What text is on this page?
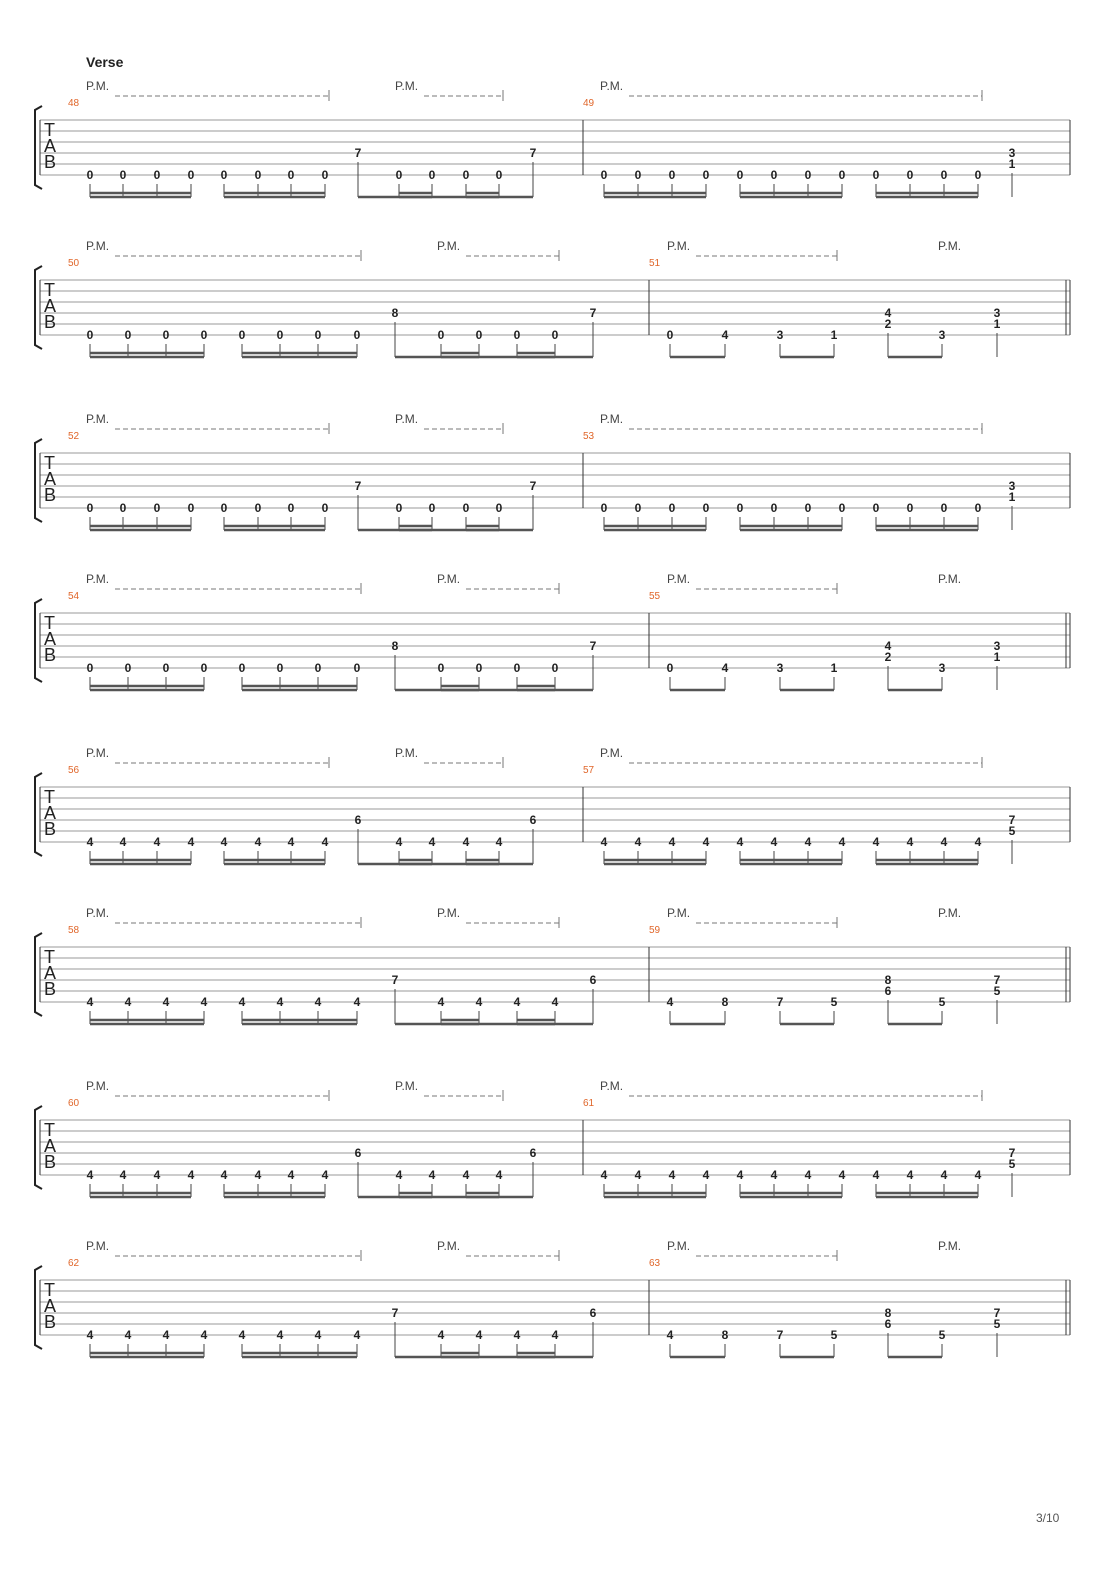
Verse
P.M.	P.M.	P.M.
T
A
B
48
0 0 0 0 0 0 0 0
7
0 0 0 0
7
49
0 0 0 0 0 0 0 0 0 0 0 0
3
1
P.M.	P.M.	P.M.	P.M.
T
A
B
50
0	0	0	0	0	0	0	0
8
0	0	0	0
7
51
0	4	3	1
4
2
3
3
1
P.M.	P.M.	P.M.
T
A
B
52
0 0 0 0 0 0 0 0
7
0 0 0 0
7
53
0 0 0 0 0 0 0 0 0 0 0 0
3
1
P.M.	P.M.	P.M.	P.M.
T
A
B
54
0	0	0	0	0	0	0	0
8
0	0	0	0
7
55
0	4	3	1
4
2
3
3
1
P.M.	P.M.	P.M.
T
A
B
56
4 4 4 4 4 4 4 4
6
4 4 4 4
6
57
4 4 4 4 4 4 4 4 4 4 4 4
7
5
P.M.	P.M.	P.M.	P.M.
T
A
B
58
4	4	4	4	4	4	4	4
7
4	4	4	4
6
59
4	8	7	5
8
6
5
7
5
P.M.	P.M.	P.M.
T
A
B
60
4 4 4 4 4 4 4 4
6
4 4 4 4
6
61
4 4 4 4 4 4 4 4 4 4 4 4
7
5
P.M.	P.M.	P.M.	P.M.
T
A
B
62
4	4	4	4	4	4	4	4
7
4	4	4	4
6
63
4	8	7	5
8
6
5
7
5
3/10
